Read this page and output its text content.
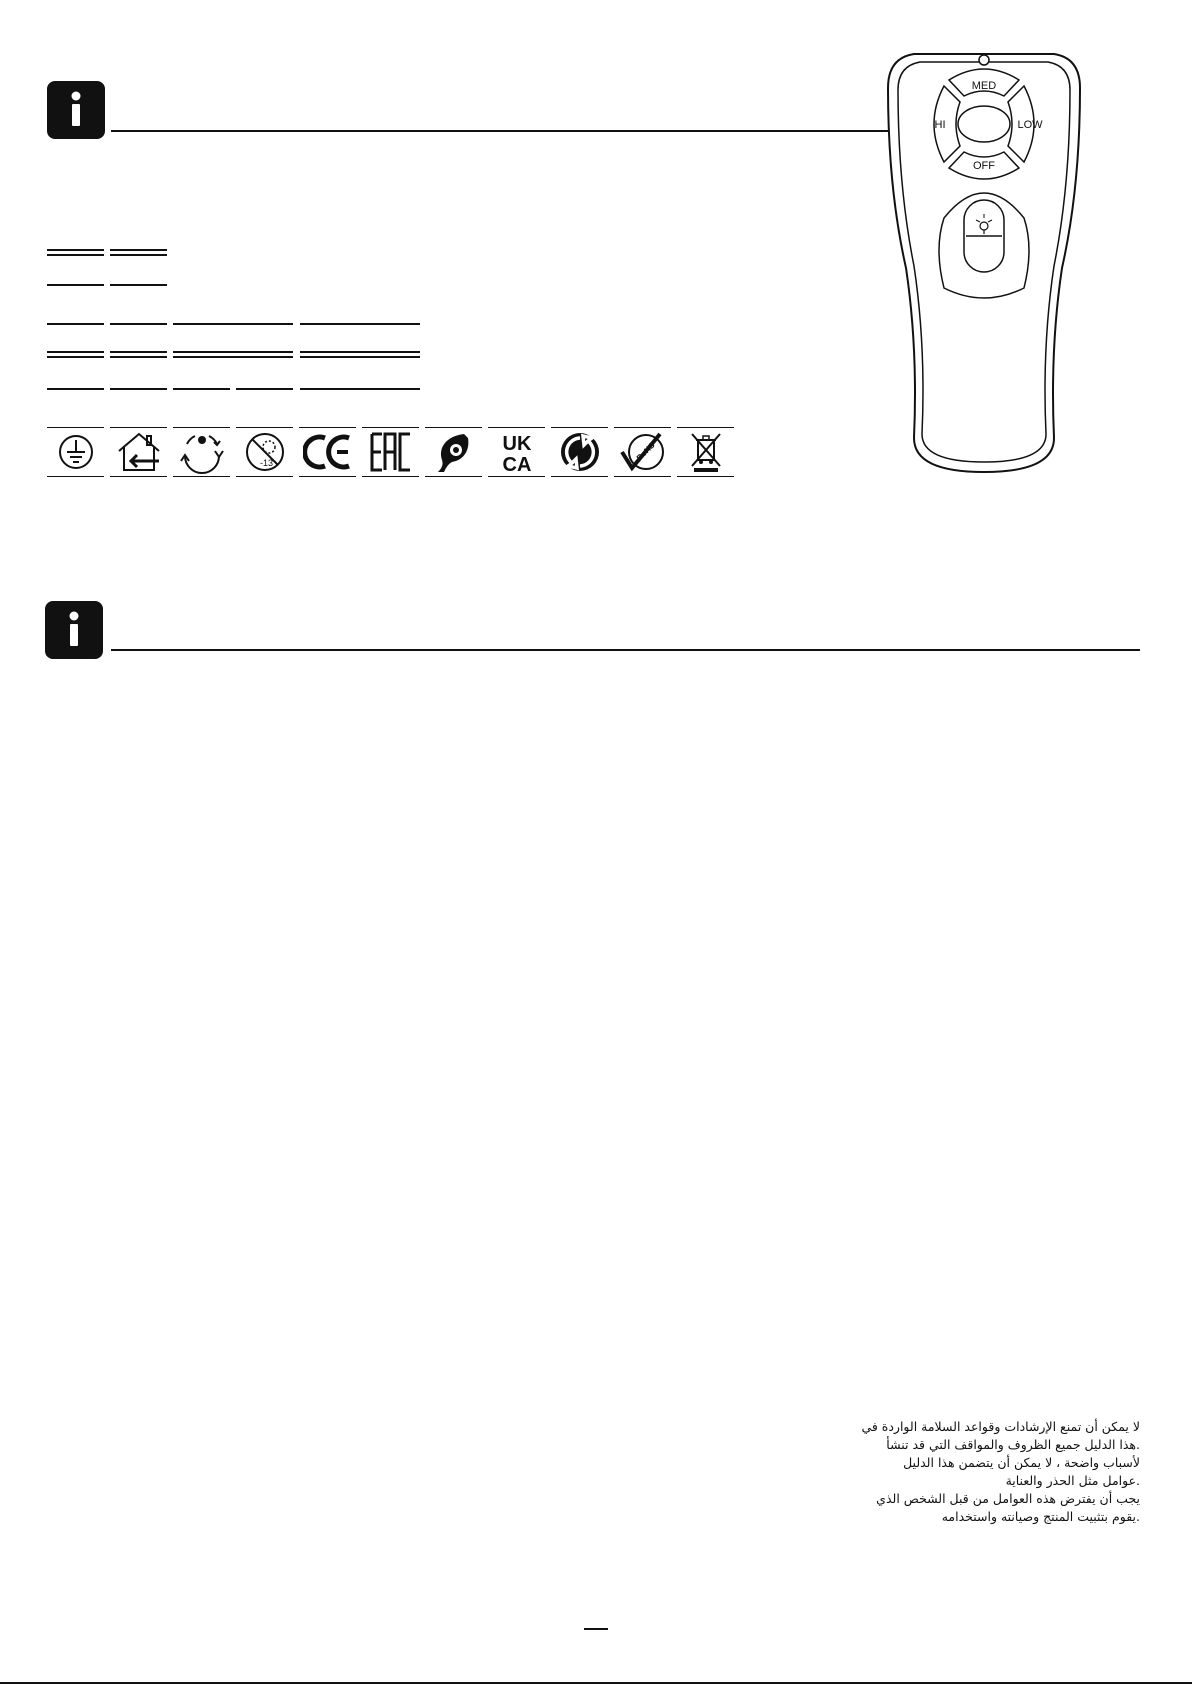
-13
UK
CA
RoHS
MED
HI	LOW
OFF
لا يمكن أن تمنع الإرشادات وقواعد السلامة الواردة في
.هذا الدليل جميع الظروف والمواقف التي قد تنشأ
لأسباب واضحة ، لا يمكن أن يتضمن هذا الدليل
.عوامل مثل الحذر والعناية
يجب أن يفترض هذه العوامل من قبل الشخص الذي
.يقوم بتثبيت المنتج وصيانته واستخدامه
